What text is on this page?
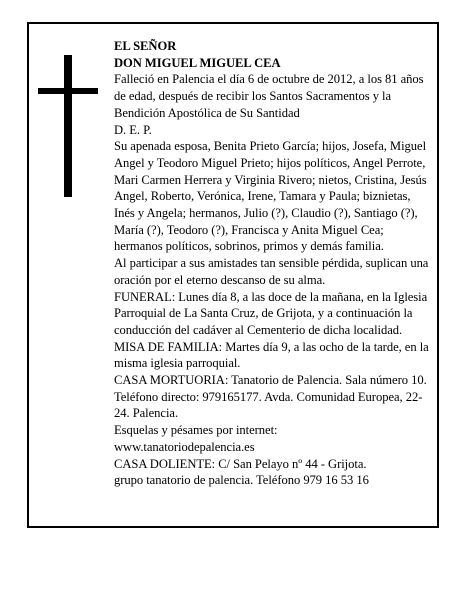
EL SEÑOR

DON MIGUEL MIGUEL CEA

Falleció en Palencia el día 6 de octubre de 2012, a los 81 años de edad, después de recibir los Santos Sacramentos y la Bendición Apostólica de Su Santidad

D. E. P.

Su apenada esposa, Benita Prieto García; hijos, Josefa, Miguel Angel y Teodoro Miguel Prieto; hijos políticos, Angel Perrote, Mari Carmen Herrera y Virginia Rivero; nietos, Cristina, Jesús Angel, Roberto, Verónica, Irene, Tamara y Paula; biznietas, Inés y Angela; hermanos, Julio (?), Claudio (?), Santiago (?), María (?), Teodoro (?), Francisca y Anita Miguel Cea; hermanos políticos, sobrinos, primos y demás familia.

Al participar a sus amistades tan sensible pérdida, suplican una oración por el eterno descanso de su alma.

FUNERAL: Lunes día 8, a las doce de la mañana, en la Iglesia Parroquial de La Santa Cruz, de Grijota, y a continuación la conducción del cadáver al Cementerio de dicha localidad. MISA DE FAMILIA: Martes día 9, a las ocho de la tarde, en la misma iglesia parroquial.

CASA MORTUORIA: Tanatorio de Palencia. Sala número 10. Teléfono directo: 979165177. Avda. Comunidad Europea, 22-24. Palencia.

Esquelas y pésames por internet:

www.tanatoriodepalencia.es

CASA DOLIENTE: C/ San Pelayo nº 44 - Grijota.

grupo tanatorio de palencia. Teléfono 979 16 53 16
